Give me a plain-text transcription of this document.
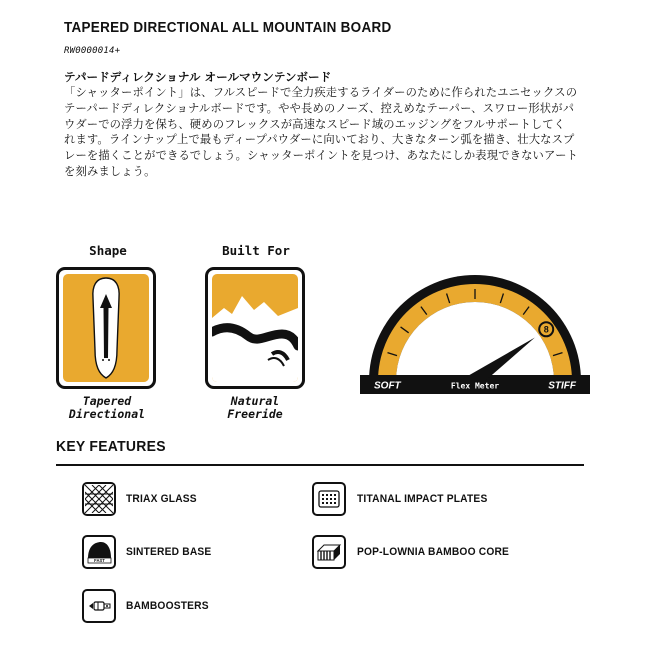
TAPERED DIRECTIONAL ALL MOUNTAIN BOARD
RW0000014+
テパードディレクショナル オールマウンテンボード
「シャッターポイント」は、フルスピードで全力疾走するライダーのために作られたユニセックスの
テーパードディレクショナルボードです。やや長めのノーズ、控えめなテーパー、スワロー形状がパ
ウダーでの浮力を保ち、硬めのフレックスが高速なスピード域のエッジングをフルサポートしてく
れます。ラインナップ上で最もディープパウダーに向いており、大きなターン弧を描き、壮大なスプ
レーを描くことができるでしょう。シャッターポイントを見つけ、あなたにしか表現できないアート
を刻みましょう。
Shape
Tapered
Directional
Built For
Natural
Freeride
8
SOFT	Flex Meter	STIFF
KEY FEATURES
TRIAX GLASS	TITANAL IMPACT PLATES
FAST
SINTERED BASE	POP-LOWNIA BAMBOO CORE
BAMBOOSTERS
